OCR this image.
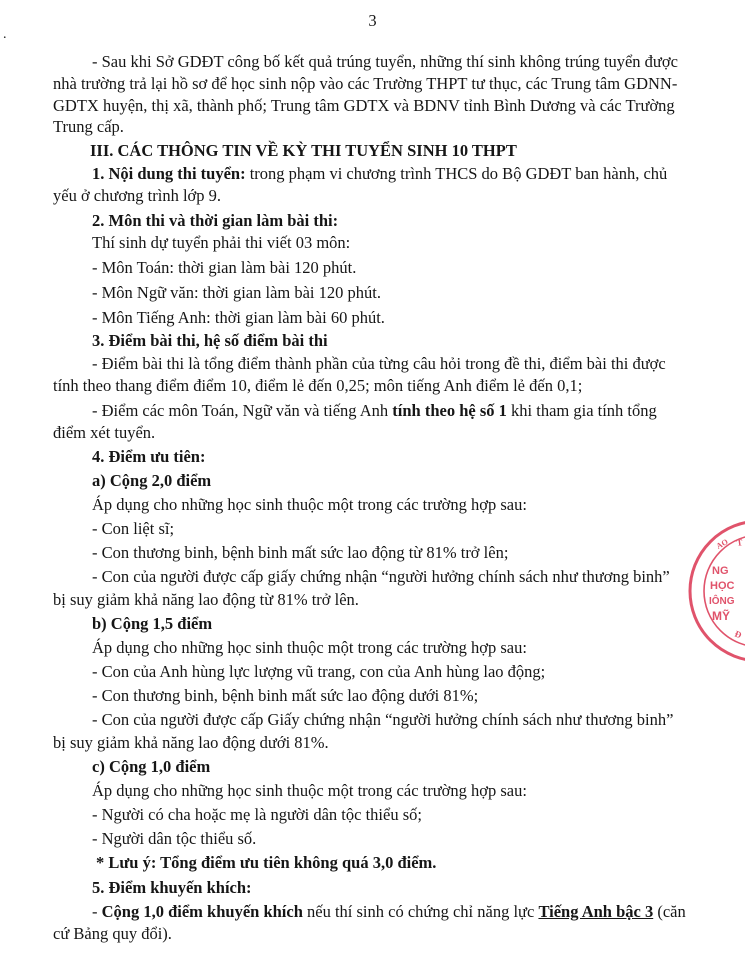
3
.
- Sau khi Sở GDĐT công bố kết quả trúng tuyển, những thí sinh không trúng tuyển được
nhà trường trả lại hồ sơ để học sinh nộp vào các Trường THPT tư thục, các Trung tâm GDNN-
GDTX huyện, thị xã, thành phố; Trung tâm GDTX và BDNV tỉnh Bình Dương và các Trường
Trung cấp.
III. CÁC THÔNG TIN VỀ KỲ THI TUYỂN SINH 10 THPT
1. Nội dung thi tuyển: trong phạm vi chương trình THCS do Bộ GDĐT ban hành, chủ
yếu ở chương trình lớp 9.
2. Môn thi và thời gian làm bài thi:
Thí sinh dự tuyển phải thi viết 03 môn:
- Môn Toán: thời gian làm bài 120 phút.
- Môn Ngữ văn: thời gian làm bài 120 phút.
- Môn Tiếng Anh: thời gian làm bài 60 phút.
3. Điểm bài thi, hệ số điểm bài thi
- Điểm bài thi là tổng điểm thành phần của từng câu hỏi trong đề thi, điểm bài thi được
tính theo thang điểm điểm 10, điểm lẻ đến 0,25; môn tiếng Anh điểm lẻ đến 0,1;
- Điểm các môn Toán, Ngữ văn và tiếng Anh tính theo hệ số 1 khi tham gia tính tổng
điểm xét tuyển.
4. Điểm ưu tiên:
a) Cộng 2,0 điểm
Áp dụng cho những học sinh thuộc một trong các trường hợp sau:
- Con liệt sĩ;
- Con thương binh, bệnh binh mất sức lao động từ 81% trở lên;
- Con của người được cấp giấy chứng nhận “người hưởng chính sách như thương binh”
bị suy giảm khả năng lao động từ 81% trở lên.
b) Cộng 1,5 điểm
Áp dụng cho những học sinh thuộc một trong các trường hợp sau:
- Con của Anh hùng lực lượng vũ trang, con của Anh hùng lao động;
- Con thương binh, bệnh binh mất sức lao động dưới 81%;
- Con của người được cấp Giấy chứng nhận “người hưởng chính sách như thương binh”
bị suy giảm khả năng lao động dưới 81%.
c) Cộng 1,0 điểm
Áp dụng cho những học sinh thuộc một trong các trường hợp sau:
- Người có cha hoặc mẹ là người dân tộc thiểu số;
- Người dân tộc thiểu số.
* Lưu ý: Tổng điểm ưu tiên không quá 3,0 điểm.
5. Điểm khuyến khích:
- Cộng 1,0 điểm khuyến khích nếu thí sinh có chứng chỉ năng lực Tiếng Anh bậc 3 (căn
cứ Bảng quy đổi).
AO T
NG
HỌC
IÔNG
MỸ
Đ
